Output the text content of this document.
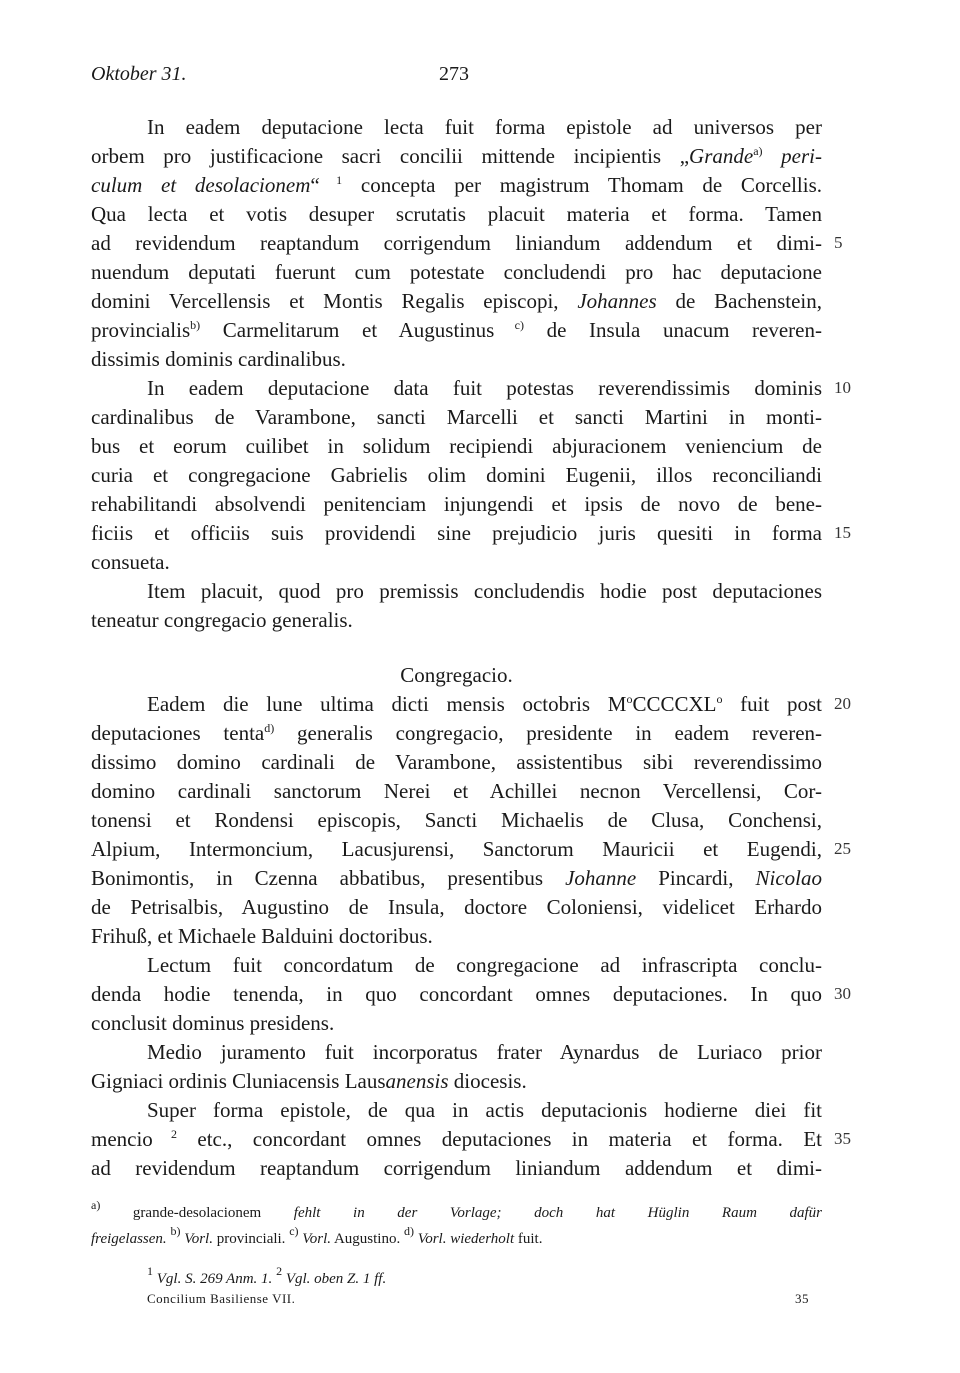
Oktober 31.	273
In eadem deputacione lecta fuit forma epistole ad universos per
orbem pro justificacione sacri concilii mittende incipientis „Grande$^{a)}$ peri-
culum et desolacionem“ $^1$ concepta per magistrum Thomam de Corcellis.
Qua lecta et votis desuper scrutatis placuit materia et forma. Tamen
ad revidendum reaptandum corrigendum liniandum addendum et dimi-
nuendum deputati fuerunt cum potestate concludendi pro hac deputacione
domini Vercellensis et Montis Regalis episcopi, Johannes de Bachenstein,
provincialis$^{b)}$ Carmelitarum et Augustinus $^{c)}$ de Insula unacum reveren-
dissimis dominis cardinalibus.
In eadem deputacione data fuit potestas reverendissimis dominis
cardinalibus de Varambone, sancti Marcelli et sancti Martini in monti-
bus et eorum cuilibet in solidum recipiendi abjuracionem veniencium de
curia et congregacione Gabrielis olim domini Eugenii, illos reconciliandi
rehabilitandi absolvendi penitenciam injungendi et ipsis de novo de bene-
ficiis et officiis suis providendi sine prejudicio juris quesiti in forma
consueta.
Item placuit, quod pro premissis concludendis hodie post deputaciones
teneatur congregacio generalis.
Congregacio.
Eadem die lune ultima dicti mensis octobris $M^oCCCCXL^o$ fuit post
deputaciones tenta$^{d)}$ generalis congregacio, presidente in eadem reveren-
dissimo domino cardinali de Varambone, assistentibus sibi reverendissimo
domino cardinali sanctorum Nerei et Achillei necnon Vercellensi, Cor-
tonensi et Rondensi episcopis, Sancti Michaelis de Clusa, Conchensi,
Alpium, Intermoncium, Lacusjurensi, Sanctorum Mauricii et Eugendi,
Bonimontis, in Czenna abbatibus, presentibus Johanne Pincardi, Nicolao
de Petrisalbis, Augustino de Insula, doctore Coloniensi, videlicet Erhardo
Frihuß, et Michaele Balduini doctoribus.
Lectum fuit concordatum de congregacione ad infrascripta conclu-
denda hodie tenenda, in quo concordant omnes deputaciones. In quo
conclusit dominus presidens.
Medio juramento fuit incorporatus frater Aynardus de Luriaco prior
Gigniaci ordinis Cluniacensis Lausanensis diocesis.
Super forma epistole, de qua in actis deputacionis hodierne diei fit
mencio $^2$ etc., concordant omnes deputaciones in materia et forma. Et
ad revidendum reaptandum corrigendum liniandum addendum et dimi-
5
10
15
20
25
30
35
$^{a)}$ grande-desolacionem fehlt in der Vorlage; doch hat Hüglin Raum dafür
freigelassen. $^{b)}$ Vorl. provinciali. $^{c)}$ Vorl. Augustino. $^{d)}$ Vorl. wiederholt fuit.
$^1$ Vgl. S. 269 Anm. 1. $^2$ Vgl. oben Z. 1 ff.
Concilium Basiliense VII.	35
